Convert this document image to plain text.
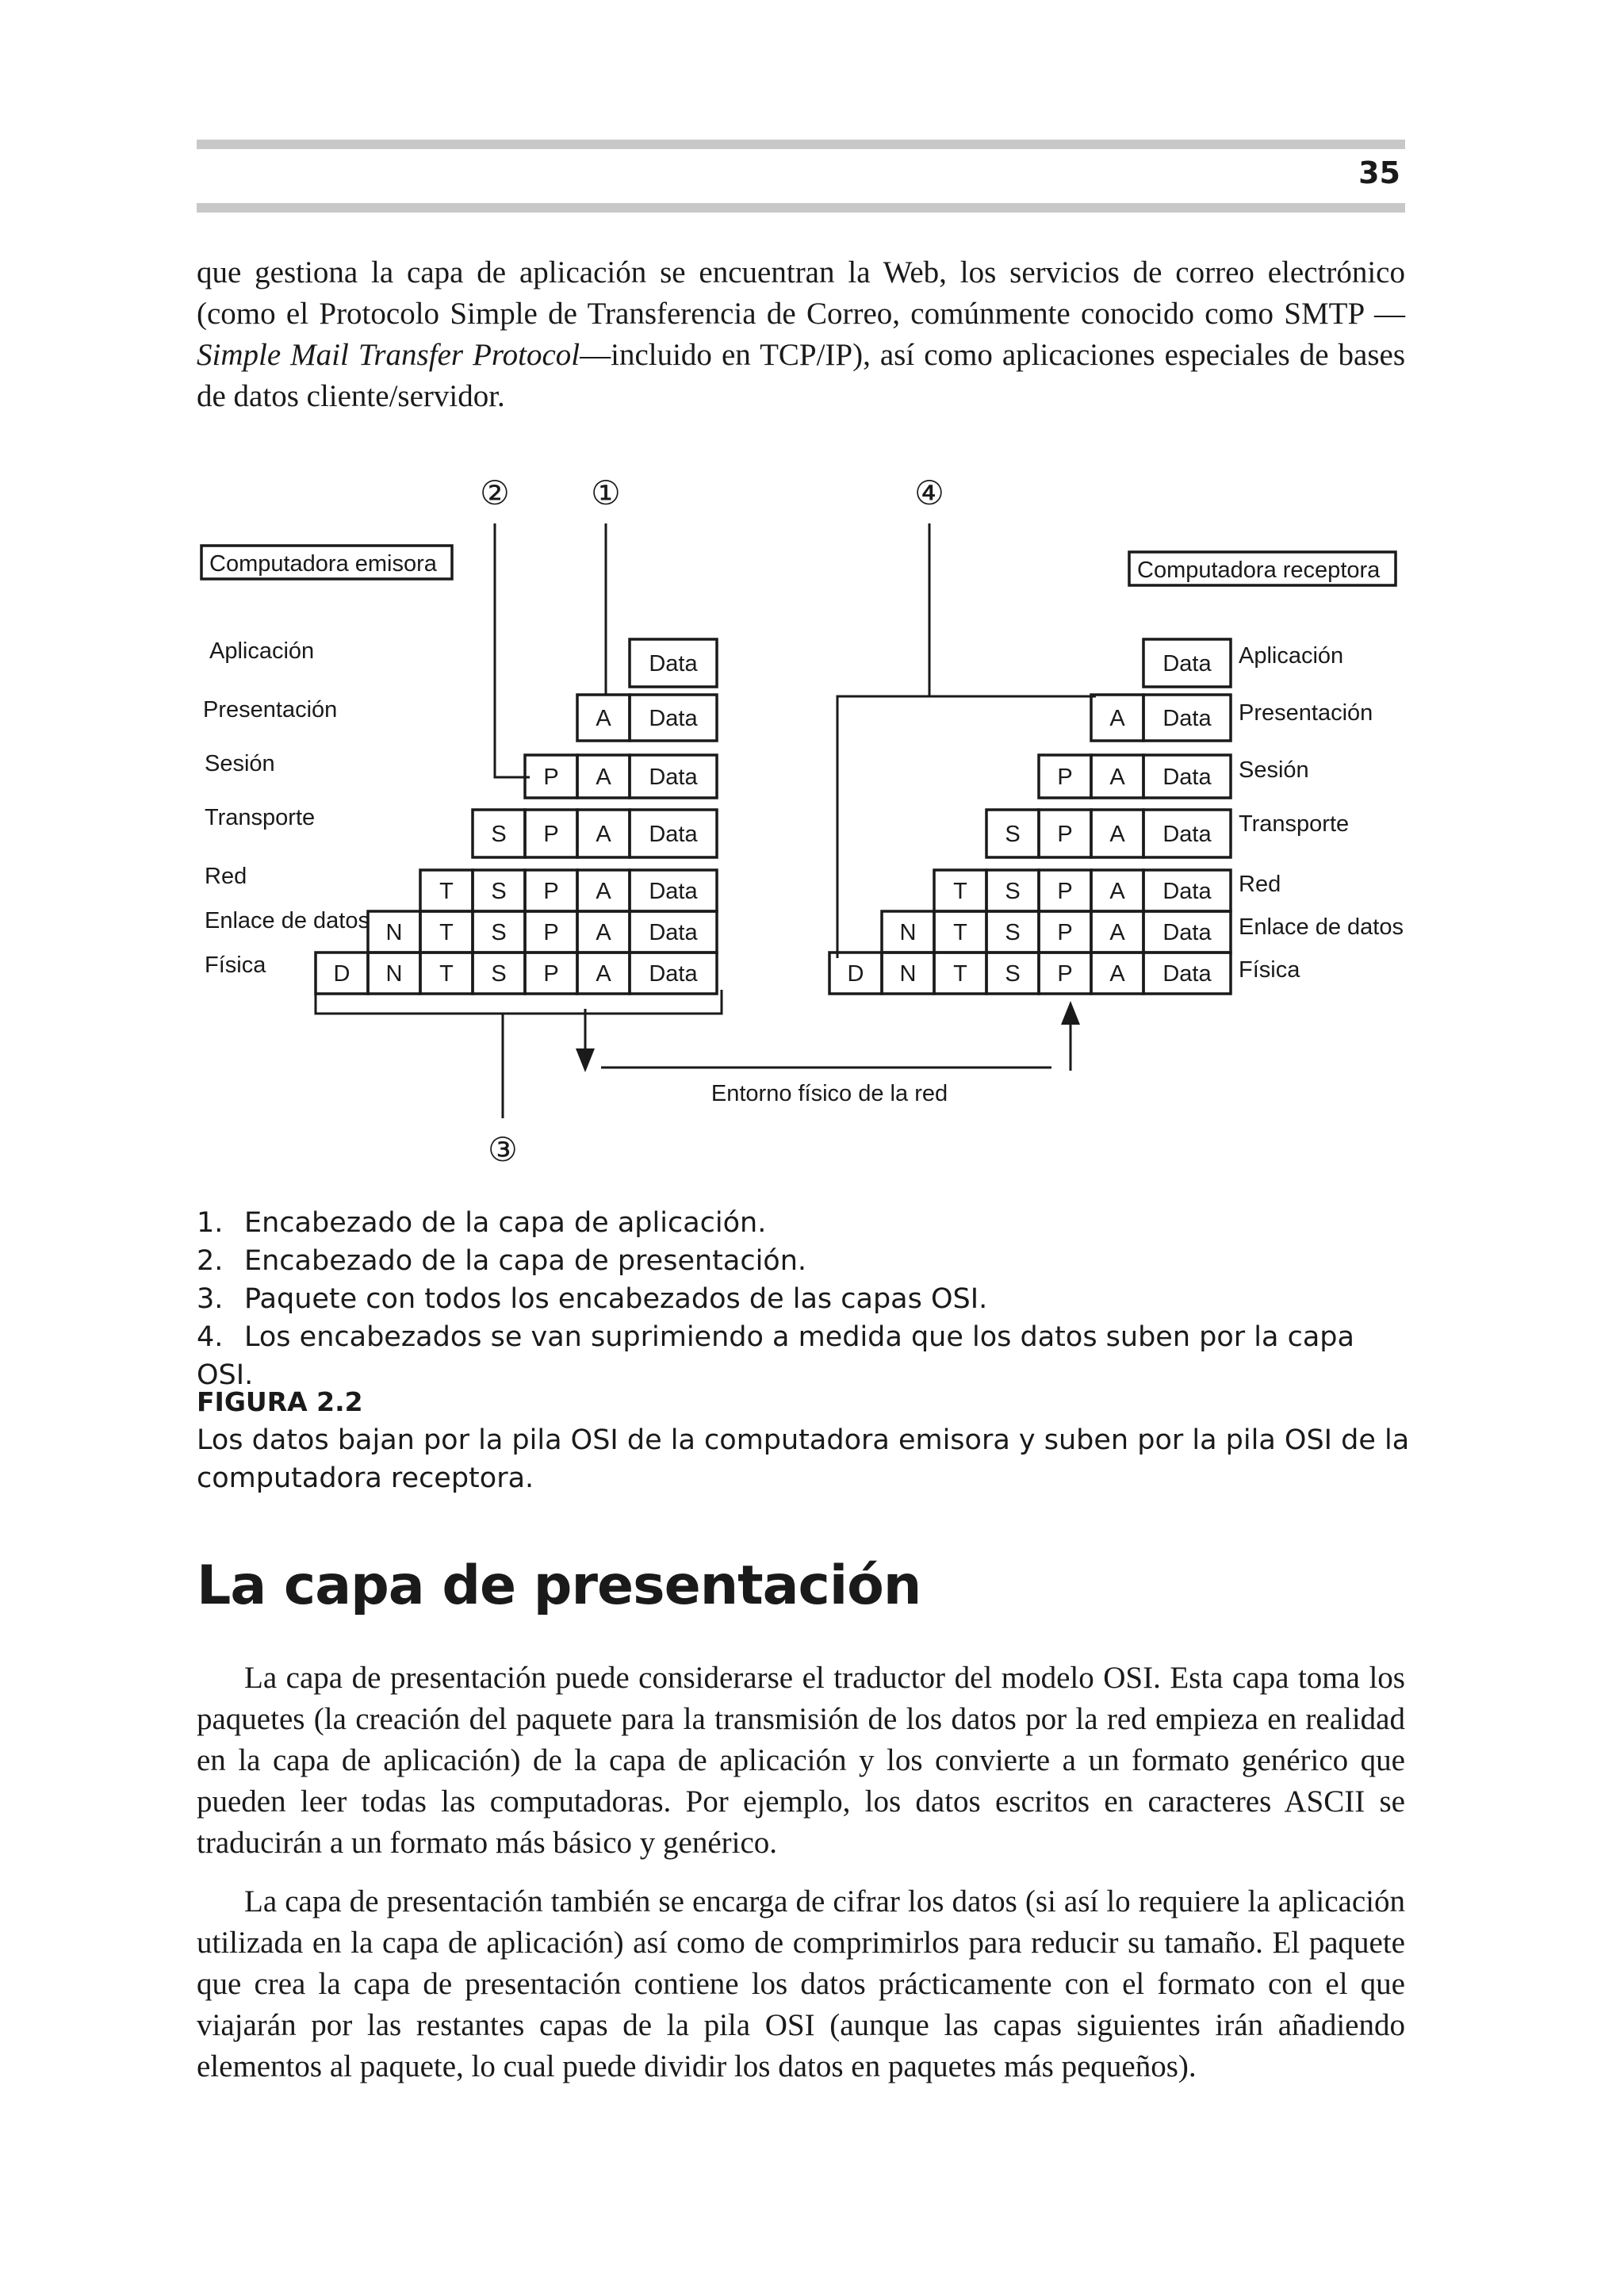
35

que gestiona la capa de aplicación se encuentran la Web, los servicios de correo electrónico (como el Protocolo Simple de Transferencia de Correo, comúnmente conocido como SMTP —Simple Mail Transfer Protocol—incluido en TCP/IP), así como aplicaciones especiales de bases de datos cliente/servidor.

Data
Data
A
Data
A
P
Data
A
P
S
Data
A
P
S
T
Data
A
P
S
T
N
Data
A
P
S
T
N
D
Data
Data
A
Data
A
P
Data
A
P
S
Data
A
P
S
T
Data
A
P
S
T
N
Data
A
P
S
T
N
D
Aplicación	Aplicación
Presentación	Presentación
Sesión	Sesión
Transporte	Transporte
Red	Red
Enlace de datos	Enlace de datos
Física	Física
Computadora emisora	Computadora receptora
Entorno físico de la red
①
②
③
④
1. Encabezado de la capa de aplicación.
2. Encabezado de la capa de presentación.
3. Paquete con todos los encabezados de las capas OSI.
4. Los encabezados se van suprimiendo a medida que los datos suben por la capa OSI.
FIGURA 2.2

Los datos bajan por la pila OSI de la computadora emisora y suben por la pila OSI de la computadora receptora.

La capa de presentación

La capa de presentación puede considerarse el traductor del modelo OSI. Esta capa toma los paquetes (la creación del paquete para la transmisión de los datos por la red empieza en realidad en la capa de aplicación) de la capa de aplicación y los convierte a un formato genérico que pueden leer todas las computadoras. Por ejemplo, los datos escritos en caracteres ASCII se traducirán a un formato más básico y genérico.

La capa de presentación también se encarga de cifrar los datos (si así lo requiere la aplicación utilizada en la capa de aplicación) así como de comprimirlos para reducir su tamaño. El paquete que crea la capa de presentación contiene los datos prácticamente con el formato con el que viajarán por las restantes capas de la pila OSI (aunque las capas siguientes irán añadiendo elementos al paquete, lo cual puede dividir los datos en paquetes más pequeños).
